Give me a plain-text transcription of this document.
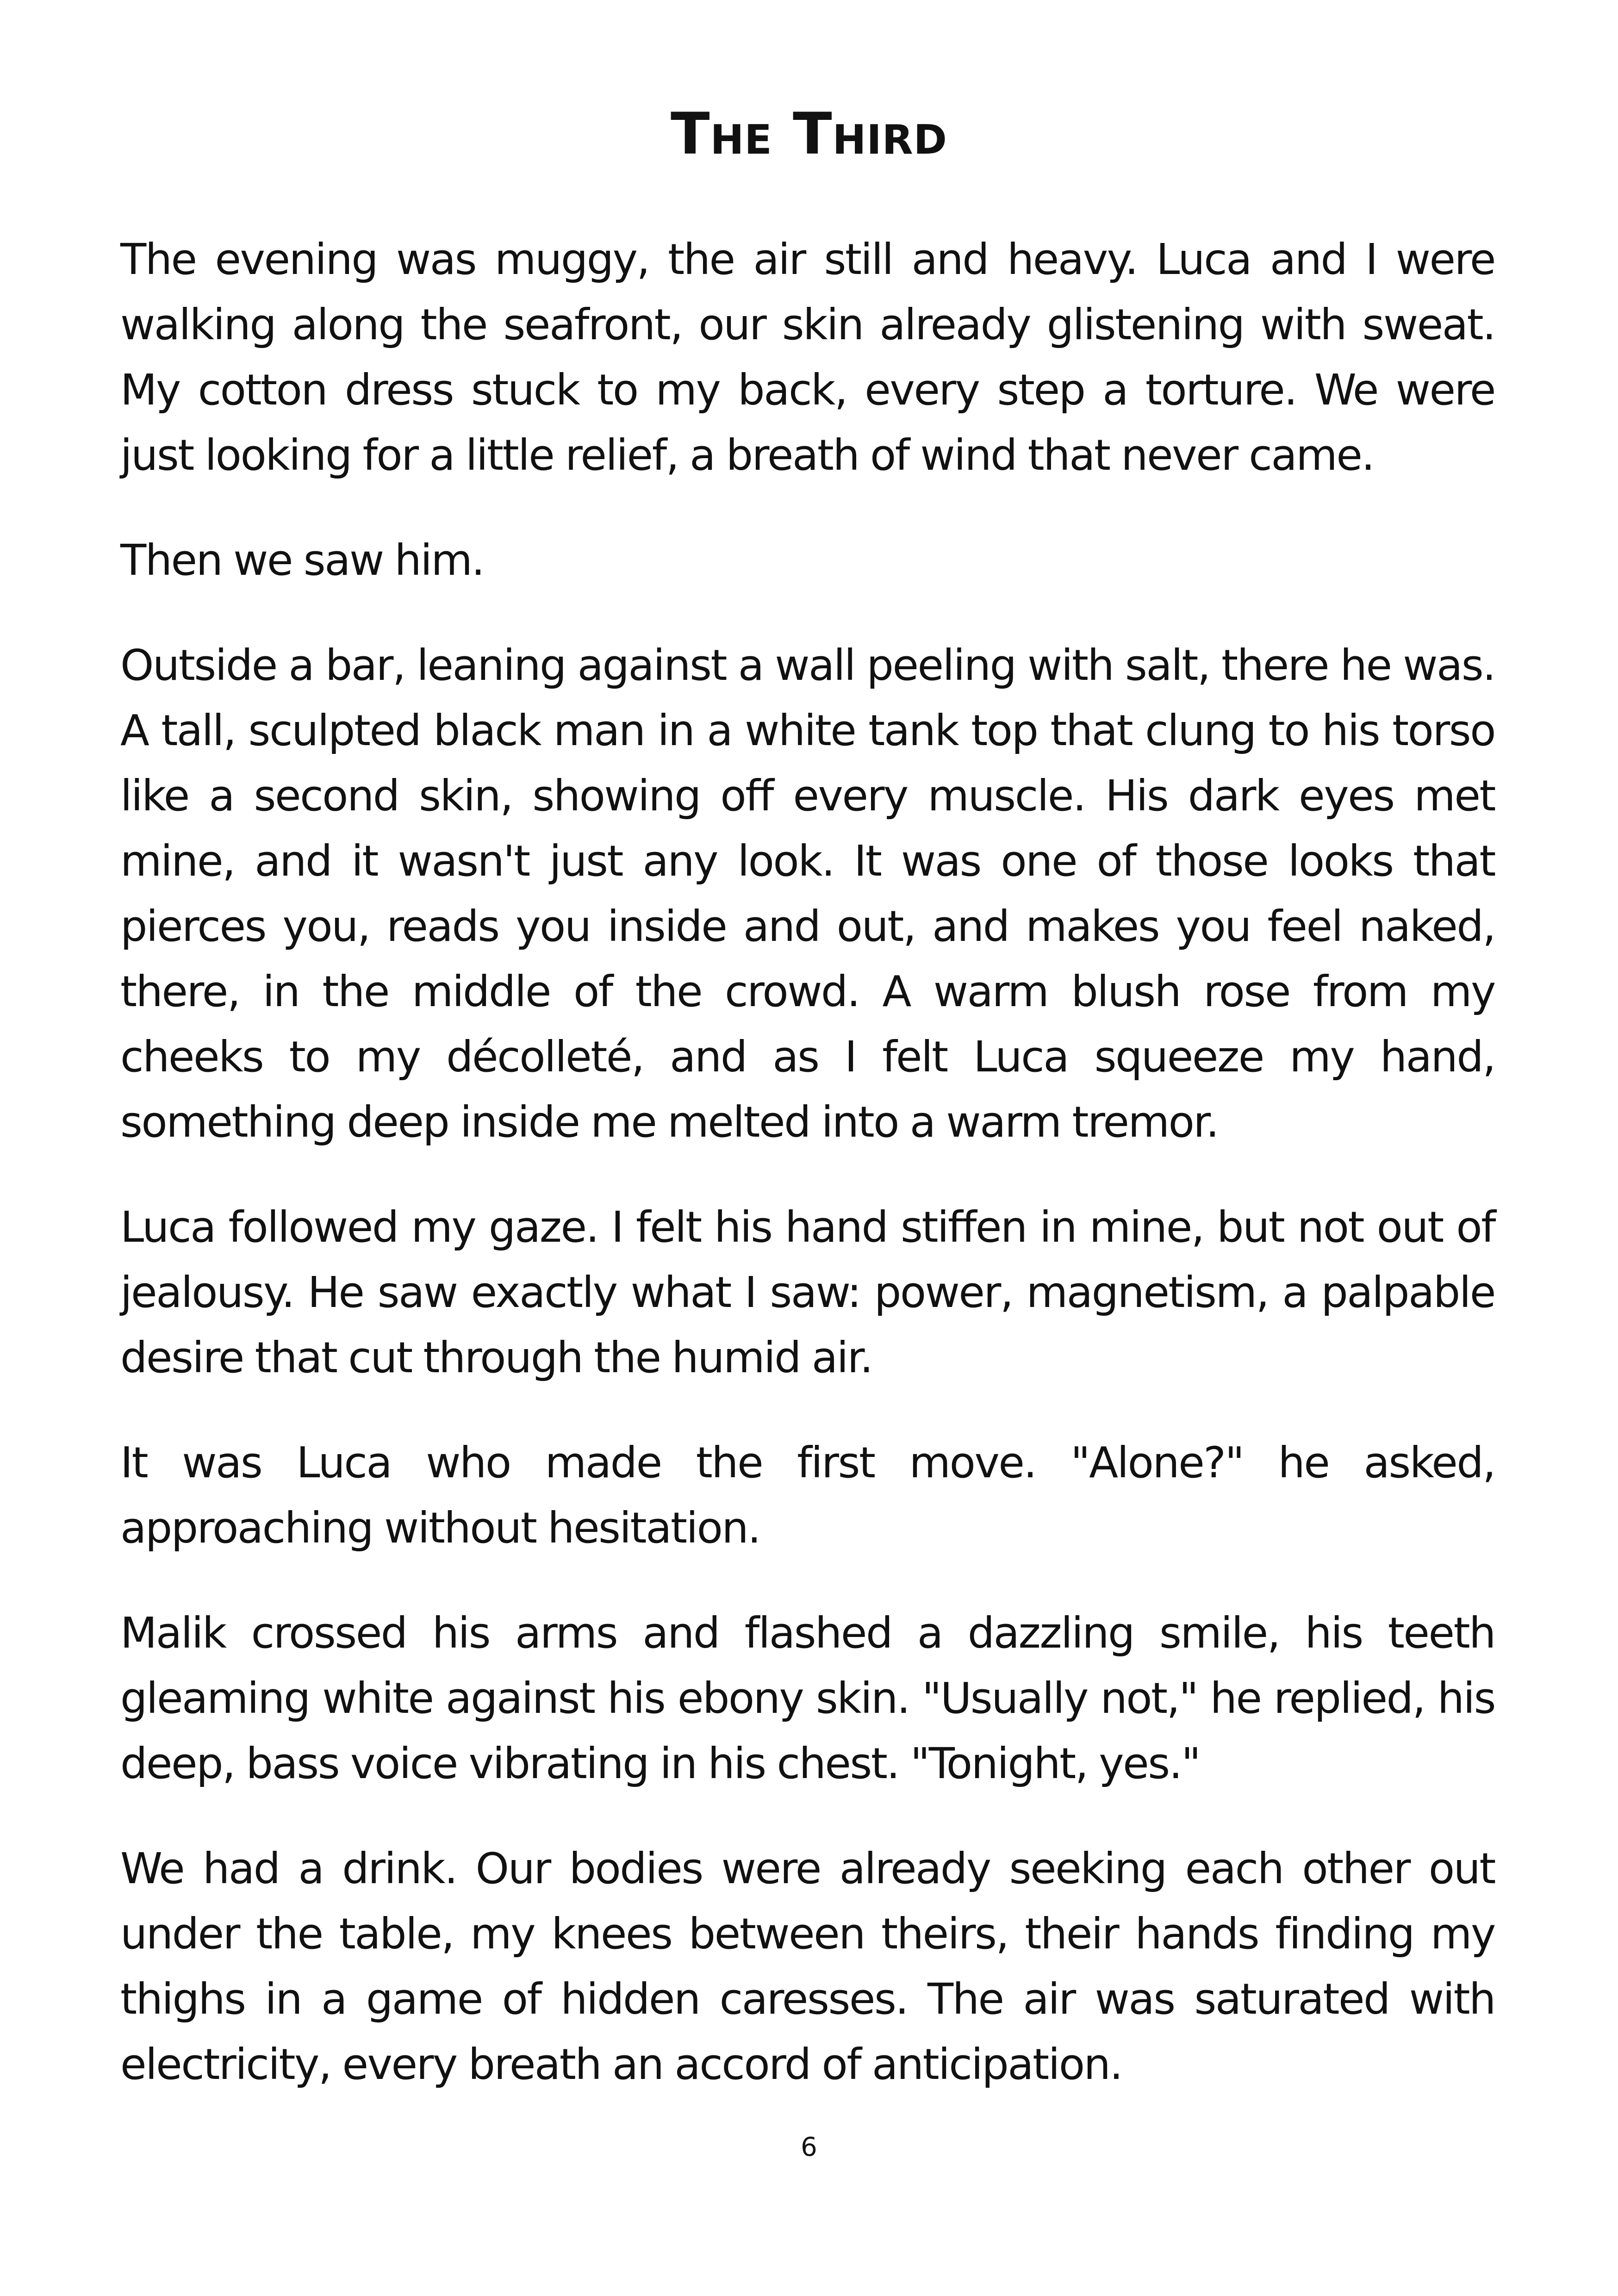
The Third

The evening was muggy, the air still and heavy. Luca and I were walking along the seafront, our skin already glistening with sweat. My cotton dress stuck to my back, every step a torture. We were just looking for a little relief, a breath of wind that never came.

Then we saw him.

Outside a bar, leaning against a wall peeling with salt, there he was. A tall, sculpted black man in a white tank top that clung to his torso like a second skin, showing off every muscle. His dark eyes met mine, and it wasn't just any look. It was one of those looks that pierces you, reads you inside and out, and makes you feel naked, there, in the middle of the crowd. A warm blush rose from my cheeks to my décolleté, and as I felt Luca squeeze my hand, something deep inside me melted into a warm tremor.

Luca followed my gaze. I felt his hand stiffen in mine, but not out of jealousy. He saw exactly what I saw: power, magnetism, a palpable desire that cut through the humid air.

It was Luca who made the first move. "Alone?" he asked, approaching without hesitation.

Malik crossed his arms and flashed a dazzling smile, his teeth gleaming white against his ebony skin. "Usually not," he replied, his deep, bass voice vibrating in his chest. "Tonight, yes."

We had a drink. Our bodies were already seeking each other out under the table, my knees between theirs, their hands finding my thighs in a game of hidden caresses. The air was saturated with electricity, every breath an accord of anticipation.

6
